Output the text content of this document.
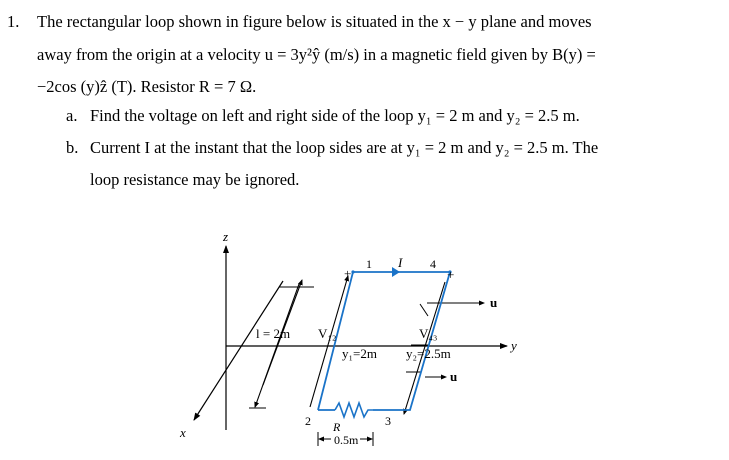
1. The rectangular loop shown in figure below is situated in the x − y plane and moves
away from the origin at a velocity u = 3y²ŷ (m/s) in a magnetic field given by B(y) =
−2cos (y)ẑ (T). Resistor R = 7 Ω.
a. Find the voltage on left and right side of the loop y₁ = 2 m and y₂ = 2.5 m.
b. Current I at the instant that the loop sides are at y₁ = 2 m and y₂ = 2.5 m. The
loop resistance may be ignored.
z
x
y
l = 2m V₁₂	V₄₃
y₁=2m y₂=2.5m
1	4
2	3
+	+
I
R
0.5m
u
u
